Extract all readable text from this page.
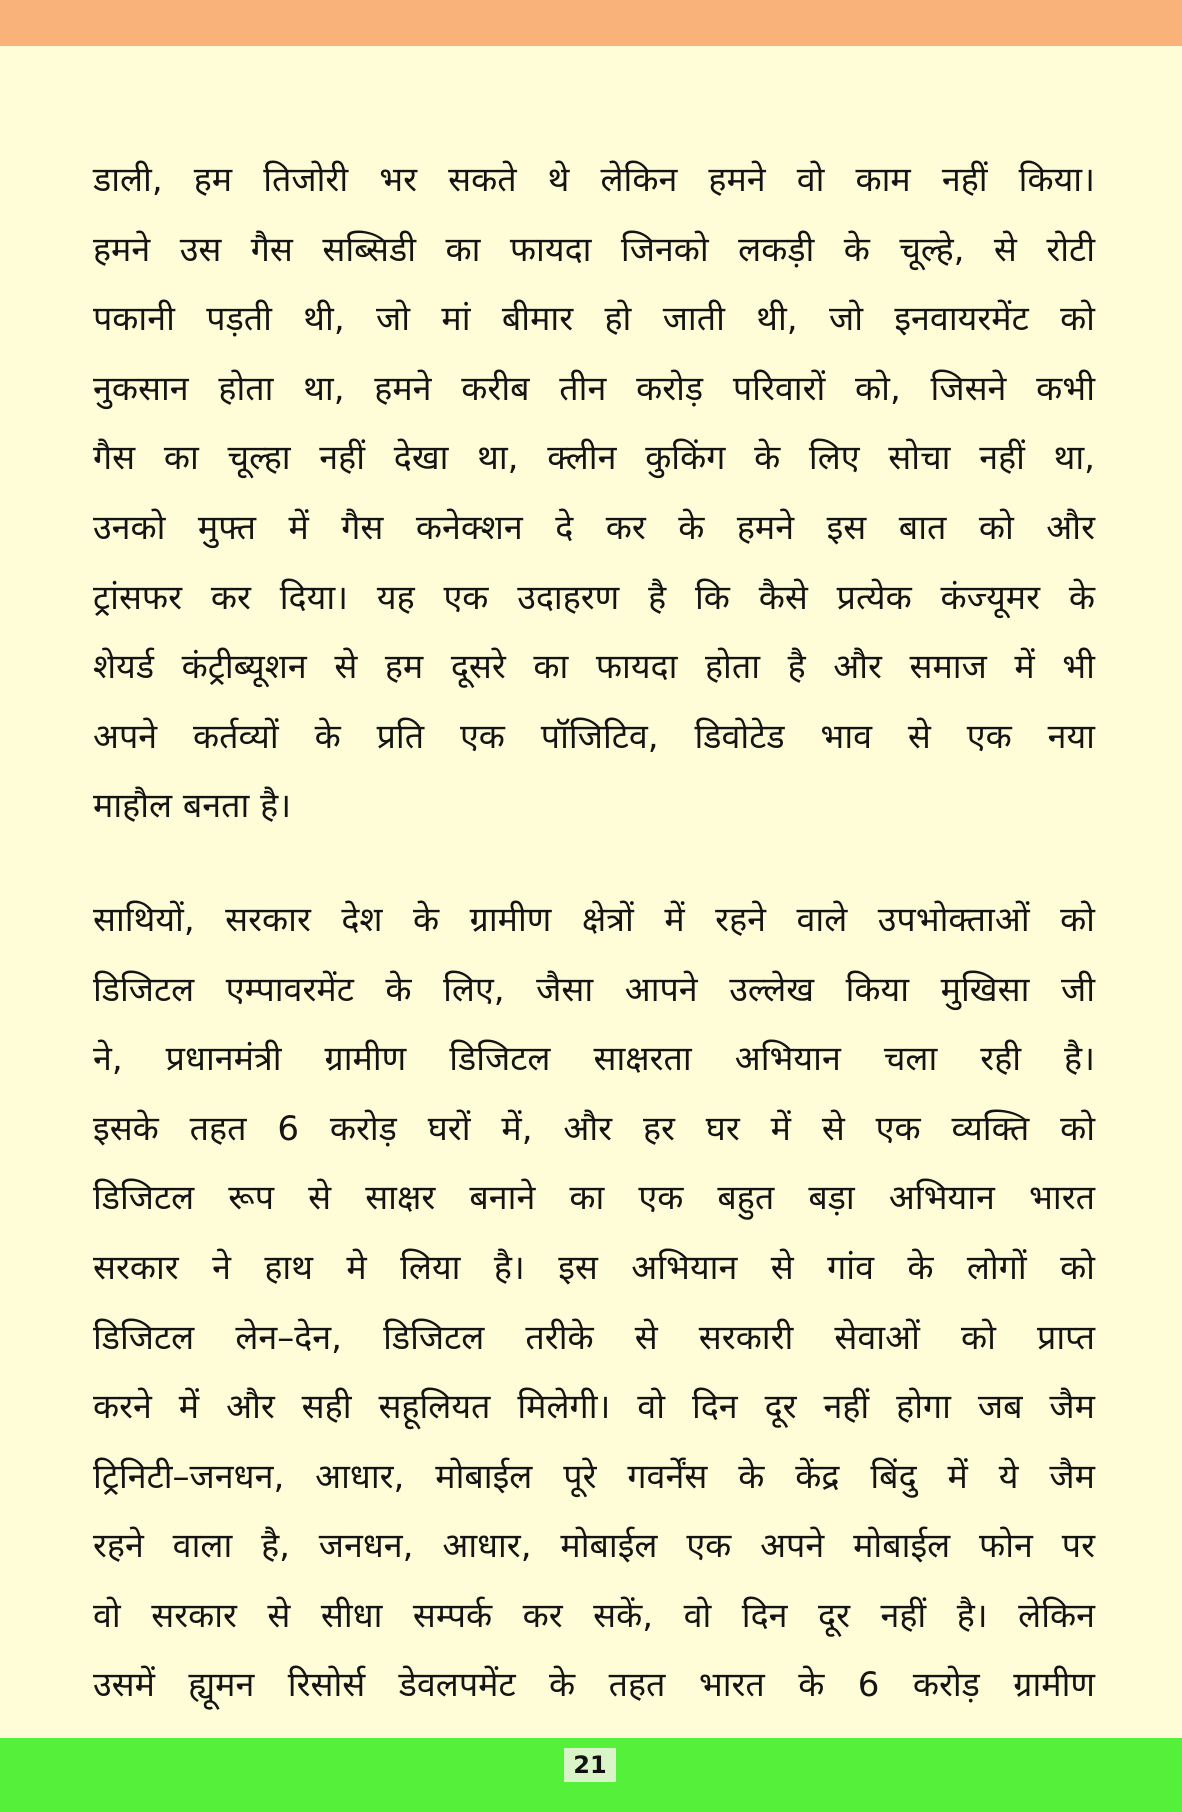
डाली, हम तिजोरी भर सकते थे लेकिन हमने वो काम नहीं किया।
हमने उस गैस सब्सिडी का फायदा जिनको लकड़ी के चूल्हे, से रोटी
पकानी पड़ती थी, जो मां बीमार हो जाती थी, जो इनवायरमेंट को
नुकसान होता था, हमने करीब तीन करोड़ परिवारों को, जिसने कभी
गैस का चूल्हा नहीं देखा था, क्लीन कुकिंग के लिए सोचा नहीं था,
उनको मुफ्त में गैस कनेक्शन दे कर के हमने इस बात को और
ट्रांसफर कर दिया। यह एक उदाहरण है कि कैसे प्रत्येक कंज्यूमर के
शेयर्ड कंट्रीब्यूशन से हम दूसरे का फायदा होता है और समाज में भी
अपने कर्तव्यों के प्रति एक पॉजिटिव, डिवोटेड भाव से एक नया
माहौल बनता है।

साथियों, सरकार देश के ग्रामीण क्षेत्रों में रहने वाले उपभोक्ताओं को
डिजिटल एम्पावरमेंट के लिए, जैसा आपने उल्लेख किया मुखिसा जी
ने, प्रधानमंत्री ग्रामीण डिजिटल साक्षरता अभियान चला रही है।
इसके तहत 6 करोड़ घरों में, और हर घर में से एक व्यक्ति को
डिजिटल रूप से साक्षर बनाने का एक बहुत बड़ा अभियान भारत
सरकार ने हाथ मे लिया है। इस अभियान से गांव के लोगों को
डिजिटल लेन–देन, डिजिटल तरीके से सरकारी सेवाओं को प्राप्त
करने में और सही सहूलियत मिलेगी। वो दिन दूर नहीं होगा जब जैम
ट्रिनिटी–जनधन, आधार, मोबाईल पूरे गवर्नेंस के केंद्र बिंदु में ये जैम
रहने वाला है, जनधन, आधार, मोबाईल एक अपने मोबाईल फोन पर
वो सरकार से सीधा सम्पर्क कर सकें, वो दिन दूर नहीं है। लेकिन
उसमें ह्यूमन रिसोर्स डेवलपमेंट के तहत भारत के 6 करोड़ ग्रामीण

21
